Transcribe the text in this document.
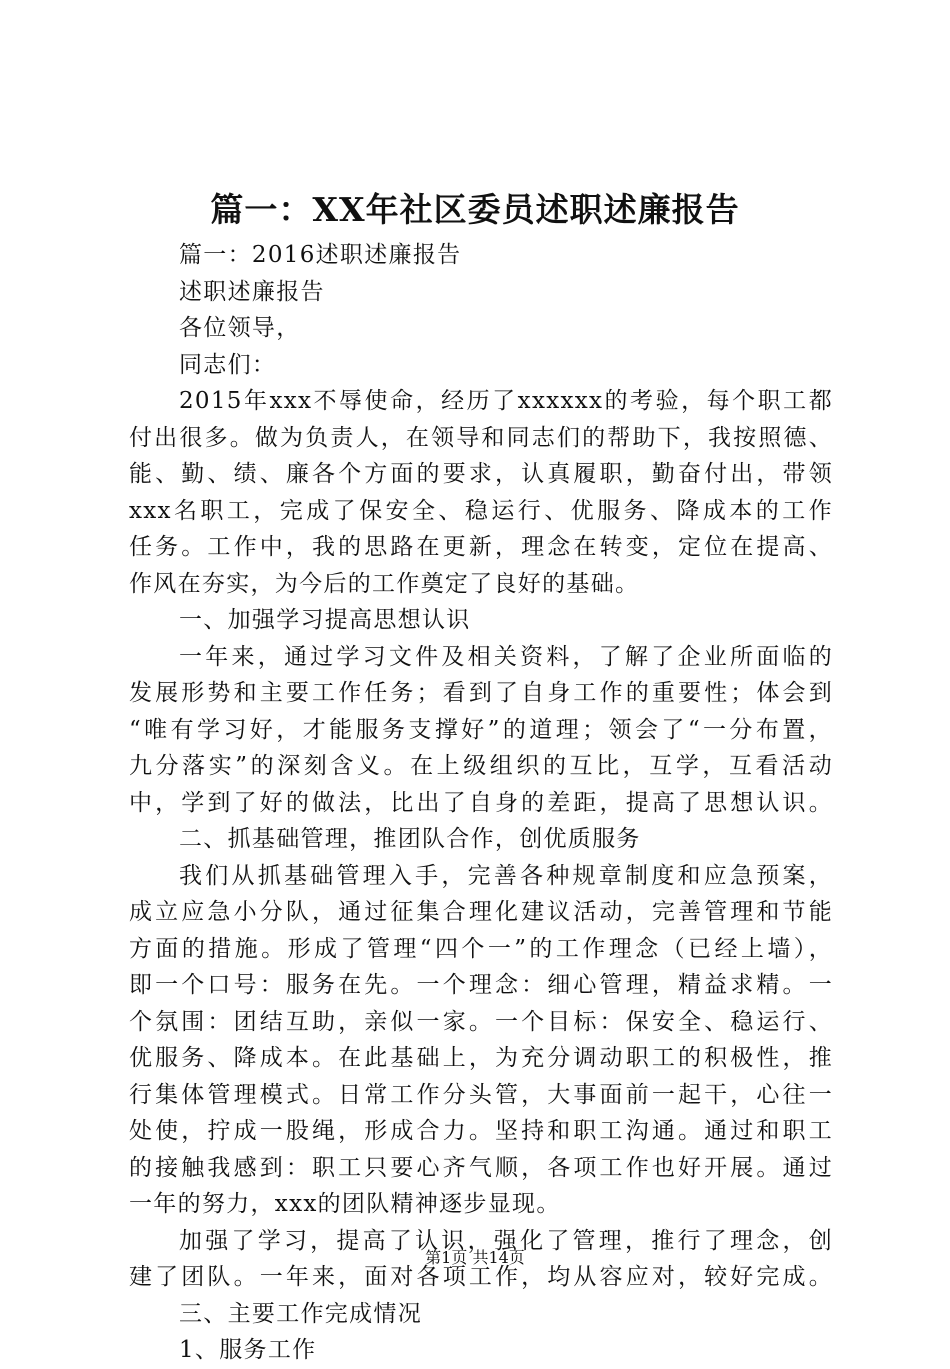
篇一：XX年社区委员述职述廉报告
篇一：2016述职述廉报告
述职述廉报告
各位领导，
同志们：
2015年xxx不辱使命，经历了xxxxxx的考验，每个职工都
付出很多。做为负责人，在领导和同志们的帮助下，我按照德、
能、勤、绩、廉各个方面的要求，认真履职，勤奋付出，带领
xxx名职工，完成了保安全、稳运行、优服务、降成本的工作
任务。工作中，我的思路在更新，理念在转变，定位在提高、
作风在夯实，为今后的工作奠定了良好的基础。
一、加强学习提高思想认识
一年来，通过学习文件及相关资料，了解了企业所面临的
发展形势和主要工作任务；看到了自身工作的重要性；体会到
“唯有学习好，才能服务支撑好”的道理；领会了“一分布置，
九分落实”的深刻含义。在上级组织的互比，互学，互看活动
中，学到了好的做法，比出了自身的差距，提高了思想认识。
二、抓基础管理，推团队合作，创优质服务
我们从抓基础管理入手，完善各种规章制度和应急预案，
成立应急小分队，通过征集合理化建议活动，完善管理和节能
方面的措施。形成了管理“四个一”的工作理念（已经上墙），
即一个口号：服务在先。一个理念：细心管理，精益求精。一
个氛围：团结互助，亲似一家。一个目标：保安全、稳运行、
优服务、降成本。在此基础上，为充分调动职工的积极性，推
行集体管理模式。日常工作分头管，大事面前一起干，心往一
处使，拧成一股绳，形成合力。坚持和职工沟通。通过和职工
的接触我感到：职工只要心齐气顺，各项工作也好开展。通过
一年的努力，xxx的团队精神逐步显现。
加强了学习，提高了认识，强化了管理，推行了理念，创
建了团队。一年来，面对各项工作，均从容应对，较好完成。
三、主要工作完成情况
1、服务工作
第1页 共14页
